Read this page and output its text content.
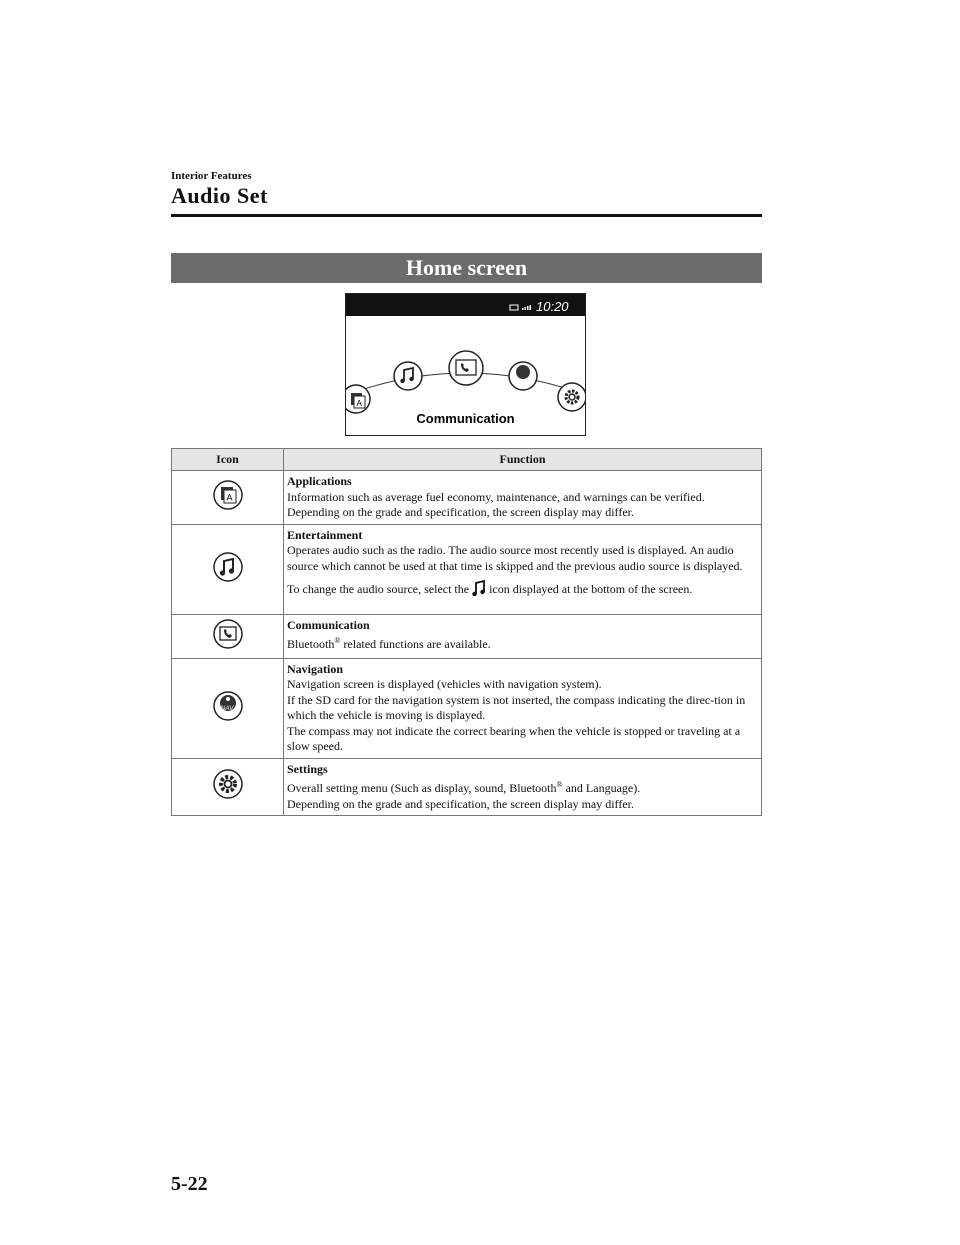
Interior Features
Audio Set
Home screen
10:20
A
NAV
Communication
Icon	Function

A	Applications
Information such as average fuel economy, maintenance, and warnings can be verified.
Depending on the grade and specification, the screen display may differ.

Entertainment
Operates audio such as the radio. The audio source most recently used is displayed. An audio source which cannot be used at that time is skipped and the previous audio source is displayed.
To change the audio source, select the icon displayed at the bottom of the screen.

Communication
Bluetooth® related functions are available.

NAV	Navigation
Navigation screen is displayed (vehicles with navigation system).
If the SD card for the navigation system is not inserted, the compass indicating the direc-tion in which the vehicle is moving is displayed.
The compass may not indicate the correct bearing when the vehicle is stopped or traveling at a slow speed.

Settings
Overall setting menu (Such as display, sound, Bluetooth® and Language).
Depending on the grade and specification, the screen display may differ.
5-22
